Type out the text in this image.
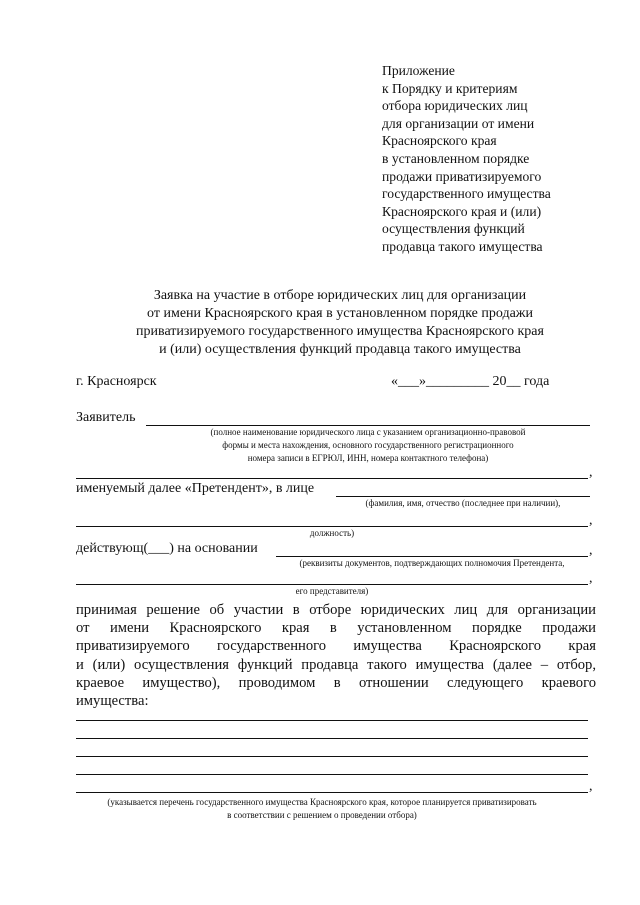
Приложение
к Порядку и критериям
отбора юридических лиц
для организации от имени
Красноярского края
в установленном порядке
продажи приватизируемого
государственного имущества
Красноярского края и (или)
осуществления функций
продавца такого имущества
Заявка на участие в отборе юридических лиц для организации
от имени Красноярского края в установленном порядке продажи
приватизируемого государственного имущества Красноярского края
и (или) осуществления функций продавца такого имущества
г. Красноярск	«___»_________ 20__ года
Заявитель
(полное наименование юридического лица с указанием организационно-правовой
формы и места нахождения, основного государственного регистрационного
номера записи в ЕГРЮЛ, ИНН, номера контактного телефона)
,
именуемый далее «Претендент», в лице
(фамилия, имя, отчество (последнее при наличии),
,
должность)
действующ(___) на основании	,
(реквизиты документов, подтверждающих полномочия Претендента,
,
его представителя)
принимая решение об участии в отборе юридических лиц для организации
от имени Красноярского края в установленном порядке продажи
приватизируемого государственного имущества Красноярского края
и (или) осуществления функций продавца такого имущества (далее – отбор,
краевое имущество), проводимом в отношении следующего краевого
имущества:
,
(указывается перечень государственного имущества Красноярского края, которое планируется приватизировать
в соответствии с решением о проведении отбора)
